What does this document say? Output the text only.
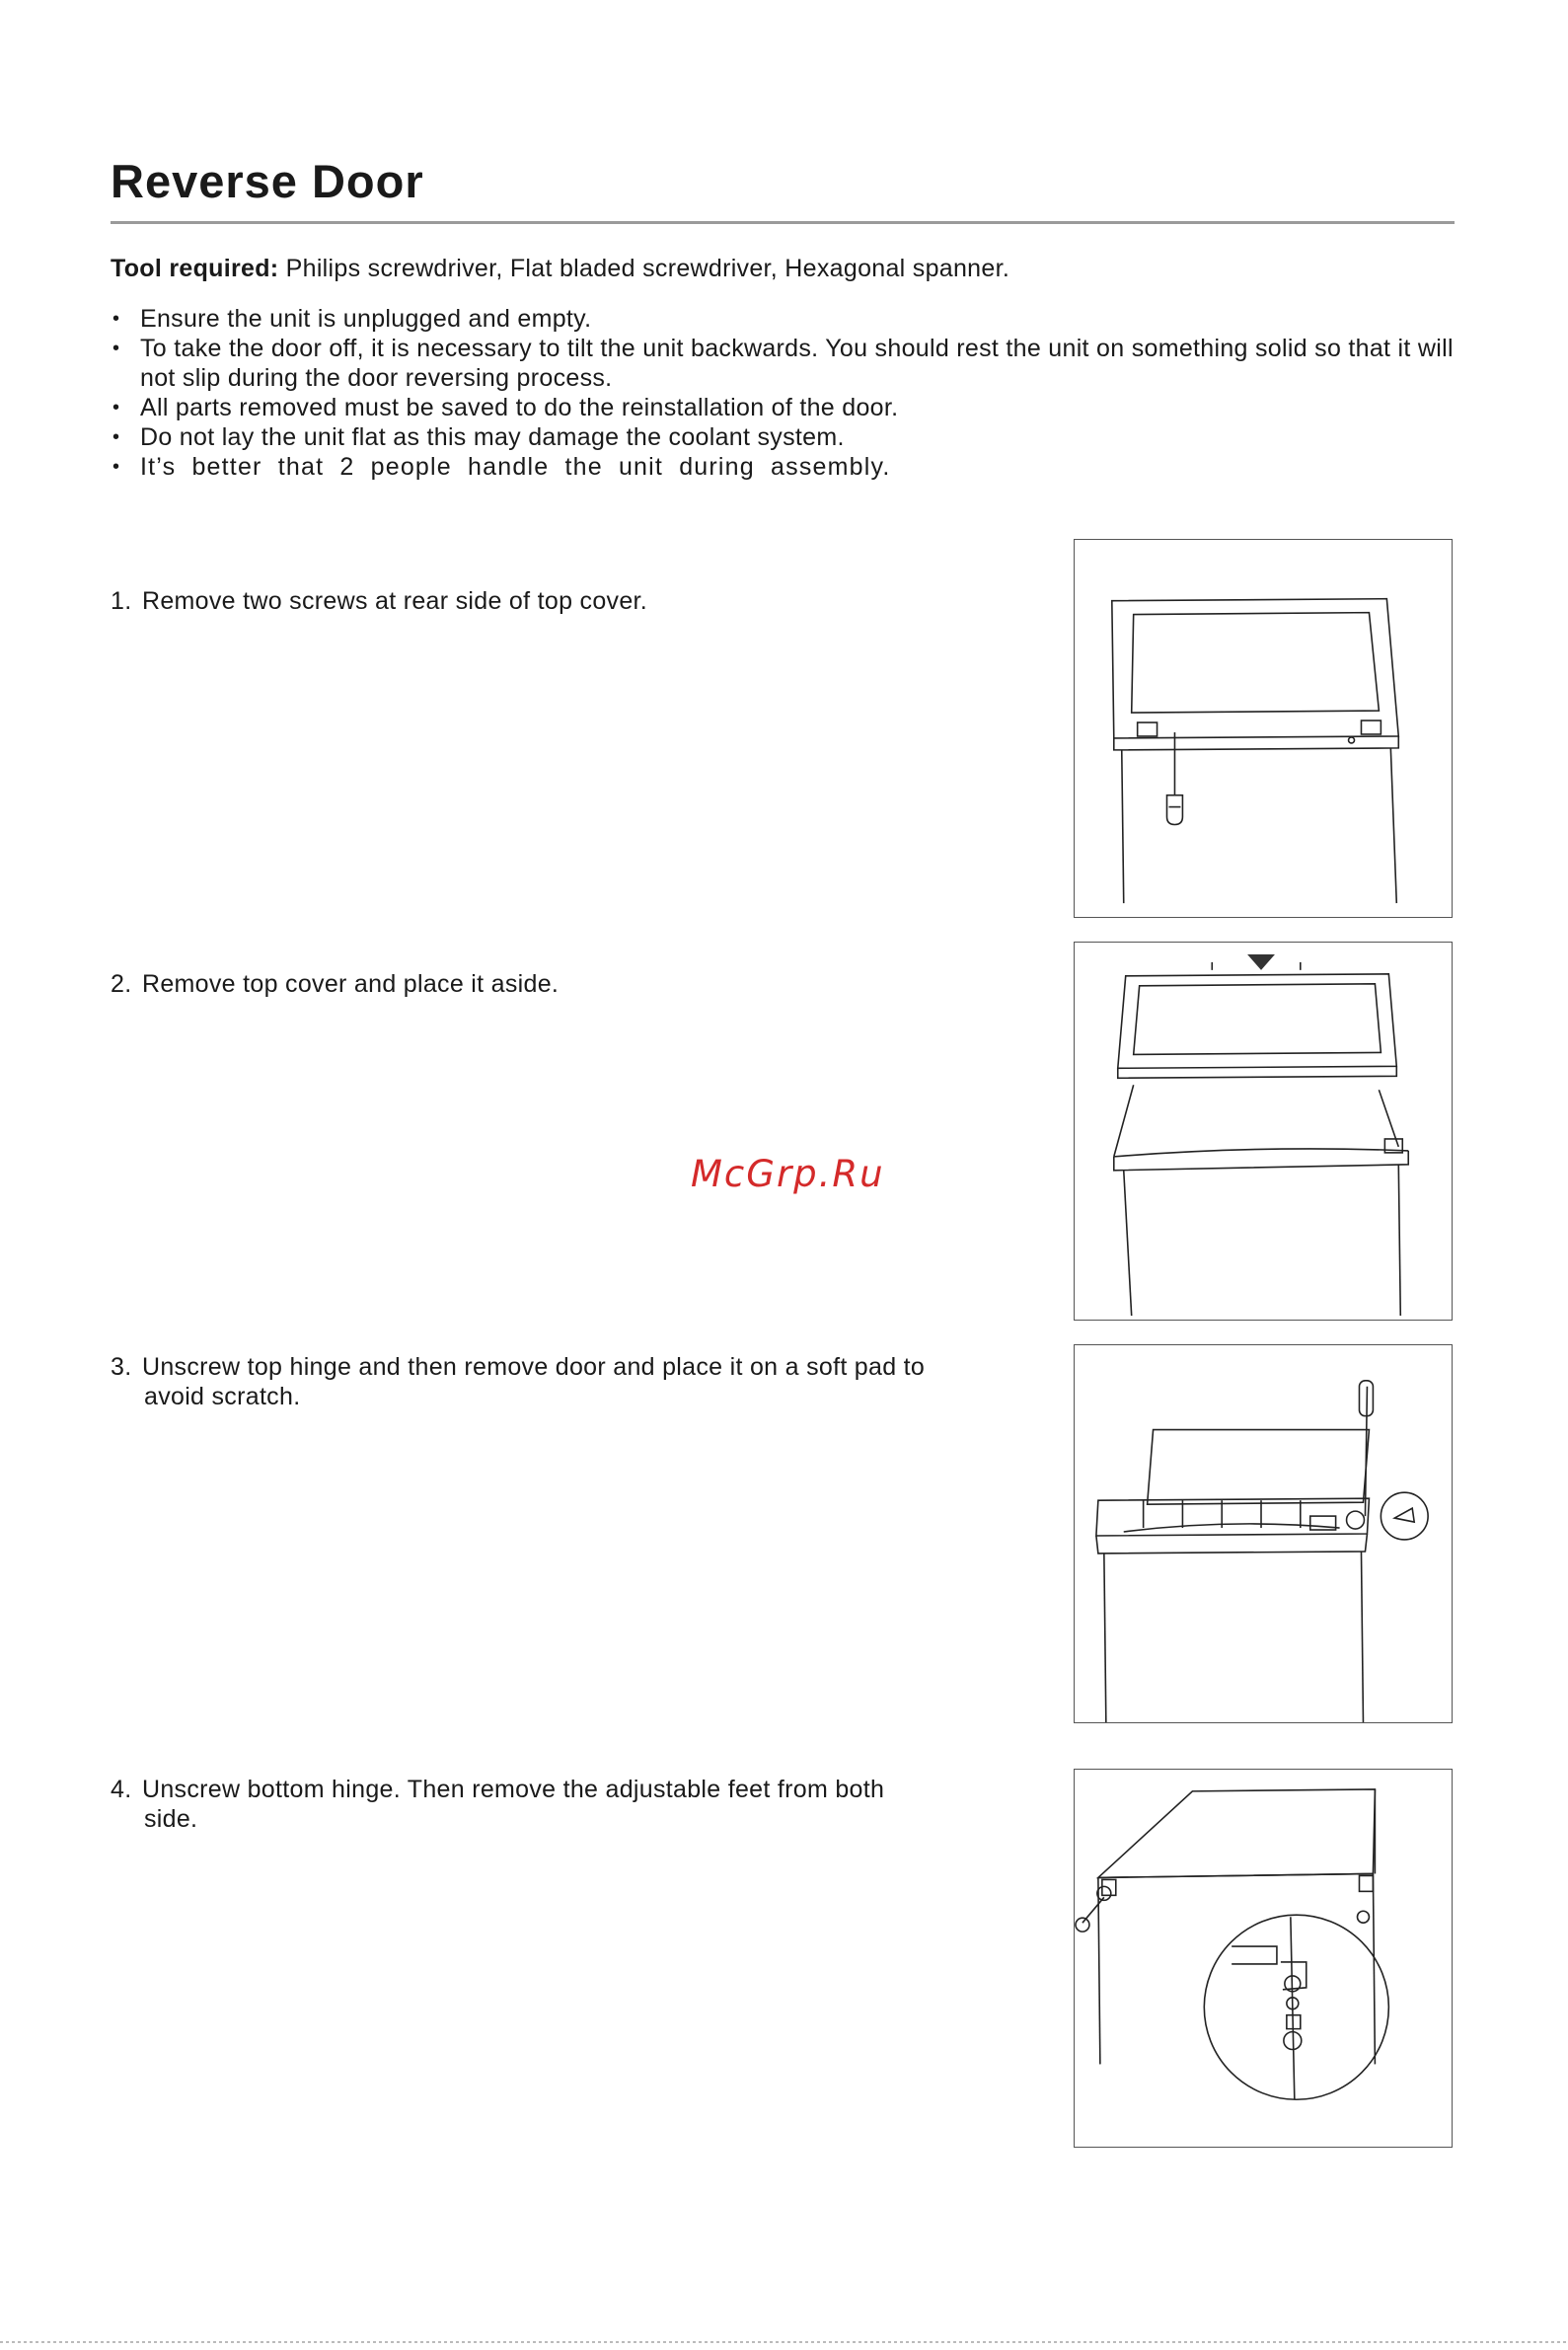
Reverse Door
Tool required: Philips screwdriver, Flat bladed screwdriver, Hexagonal spanner.
• Ensure the unit is unplugged and empty.
• To take the door off, it is necessary to tilt the unit backwards. You should rest the unit on something solid so that it will not slip during the door reversing process.
• All parts removed must be saved to do the reinstallation of the door.
• Do not lay the unit flat as this may damage the coolant system.
• It’s better that 2 people handle the unit during assembly.
1. Remove two screws at rear side of top cover.
2. Remove top cover and place it aside.
3. Unscrew top hinge and then remove door and place it on a soft pad to
avoid scratch.
4. Unscrew bottom hinge. Then remove the adjustable feet from both
side.
McGrp.Ru
